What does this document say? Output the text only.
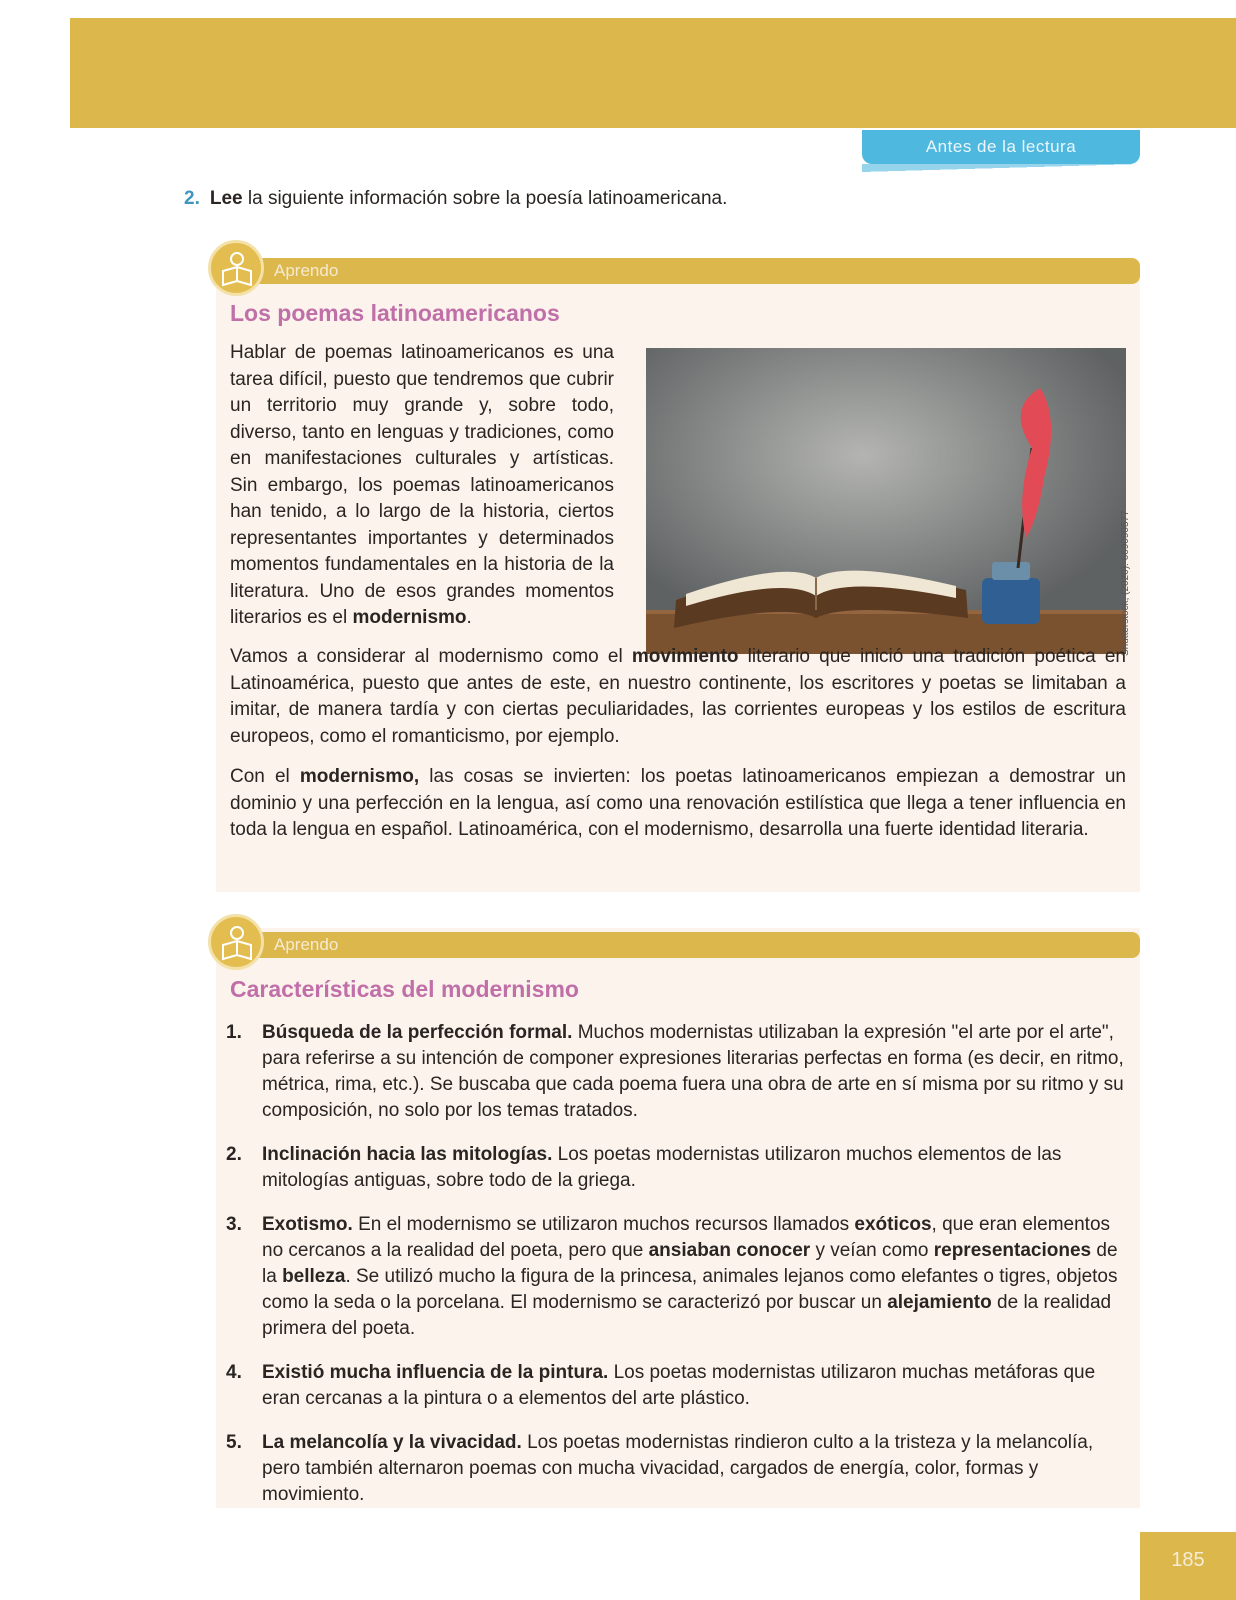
Antes de la lectura
2. Lee la siguiente información sobre la poesía latinoamericana.
Aprendo
Los poemas latinoamericanos

Hablar de poemas latinoamericanos es una tarea difícil, puesto que tendremos que cubrir un territorio muy grande y, sobre todo, diverso, tanto en lenguas y tradiciones, como en manifestaciones culturales y artísticas. Sin embargo, los poemas latinoamericanos han tenido, a lo largo de la historia, ciertos representantes importantes y determinados momentos fundamentales en la historia de la literatura. Uno de esos grandes momentos literarios es el modernismo.	Shutterstock, (2020). 669090577

Vamos a considerar al modernismo como el movimiento literario que inició una tradición poética en Latinoamérica, puesto que antes de este, en nuestro continente, los escritores y poetas se limitaban a imitar, de manera tardía y con ciertas peculiaridades, las corrientes europeas y los estilos de escritura europeos, como el romanticismo, por ejemplo.

Con el modernismo, las cosas se invierten: los poetas latinoamericanos empiezan a demostrar un dominio y una perfección en la lengua, así como una renovación estilística que llega a tener influencia en toda la lengua en español. Latinoamérica, con el modernismo, desarrolla una fuerte identidad literaria.

Aprendo
Características del modernismo
1. Búsqueda de la perfección formal. Muchos modernistas utilizaban la expresión "el arte por el arte", para referirse a su intención de componer expresiones literarias perfectas en forma (es decir, en ritmo, métrica, rima, etc.). Se buscaba que cada poema fuera una obra de arte en sí misma por su ritmo y su composición, no solo por los temas tratados.
2. Inclinación hacia las mitologías. Los poetas modernistas utilizaron muchos elementos de las mitologías antiguas, sobre todo de la griega.
3. Exotismo. En el modernismo se utilizaron muchos recursos llamados exóticos, que eran elementos no cercanos a la realidad del poeta, pero que ansiaban conocer y veían como representaciones de la belleza. Se utilizó mucho la figura de la princesa, animales lejanos como elefantes o tigres, objetos como la seda o la porcelana. El modernismo se caracterizó por buscar un alejamiento de la realidad primera del poeta.
4. Existió mucha influencia de la pintura. Los poetas modernistas utilizaron muchas metáforas que eran cercanas a la pintura o a elementos del arte plástico.
5. La melancolía y la vivacidad. Los poetas modernistas rindieron culto a la tristeza y la melancolía, pero también alternaron poemas con mucha vivacidad, cargados de energía, color, formas y movimiento.
185
